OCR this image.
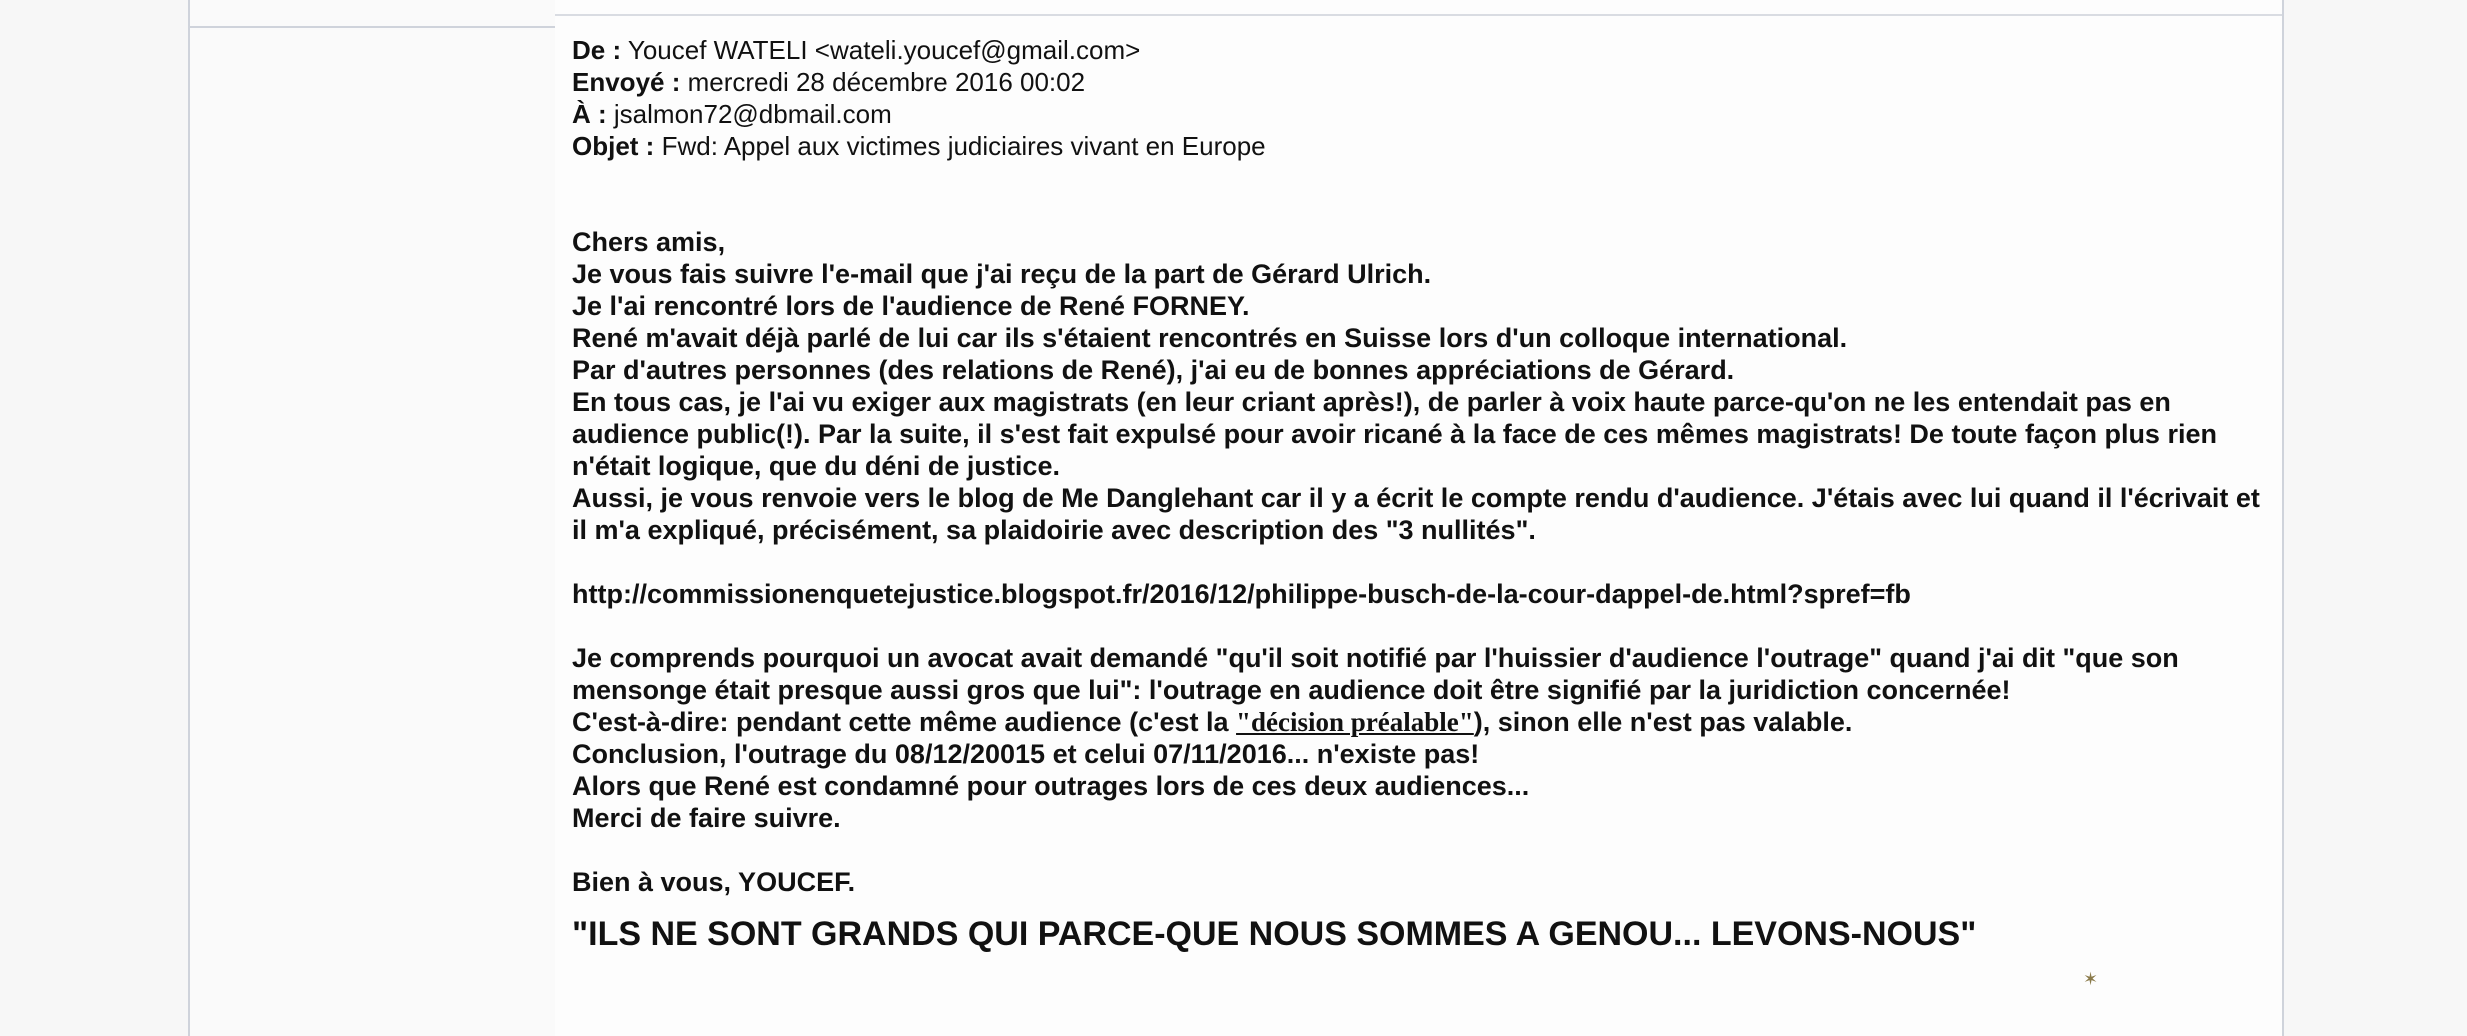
De : Youcef WATELI <wateli.youcef@gmail.com>
Envoyé : mercredi 28 décembre 2016 00:02
À : jsalmon72@dbmail.com
Objet : Fwd: Appel aux victimes judiciaires vivant en Europe

Chers amis,

Je vous fais suivre l'e-mail que j'ai reçu de la part de Gérard Ulrich.

Je l'ai rencontré lors de l'audience de René FORNEY.

René m'avait déjà parlé de lui car ils s'étaient rencontrés en Suisse lors d'un colloque international.

Par d'autres personnes (des relations de René), j'ai eu de bonnes appréciations de Gérard.

En tous cas, je l'ai vu exiger aux magistrats (en leur criant après!), de parler à voix haute parce-qu'on ne les entendait pas en audience public(!). Par la suite, il s'est fait expulsé pour avoir ricané à la face de ces mêmes magistrats! De toute façon plus rien n'était logique, que du déni de justice.

Aussi, je vous renvoie vers le blog de Me Danglehant car il y a écrit le compte rendu d'audience. J'étais avec lui quand il l'écrivait et il m'a expliqué, précisément, sa plaidoirie avec description des "3 nullités".

http://commissionenquetejustice.blogspot.fr/2016/12/philippe-busch-de-la-cour-dappel-de.html?spref=fb

Je comprends pourquoi un avocat avait demandé "qu'il soit notifié par l'huissier d'audience l'outrage" quand j'ai dit "que son mensonge était presque aussi gros que lui": l'outrage en audience doit être signifié par la juridiction concernée!

C'est-à-dire: pendant cette même audience (c'est la "décision préalable"), sinon elle n'est pas valable.

Conclusion, l'outrage du 08/12/20015 et celui 07/11/2016... n'existe pas!

Alors que René est condamné pour outrages lors de ces deux audiences...

Merci de faire suivre.

Bien à vous, YOUCEF.

"ILS NE SONT GRANDS QUI PARCE-QUE NOUS SOMMES A GENOU... LEVONS-NOUS"
✶
